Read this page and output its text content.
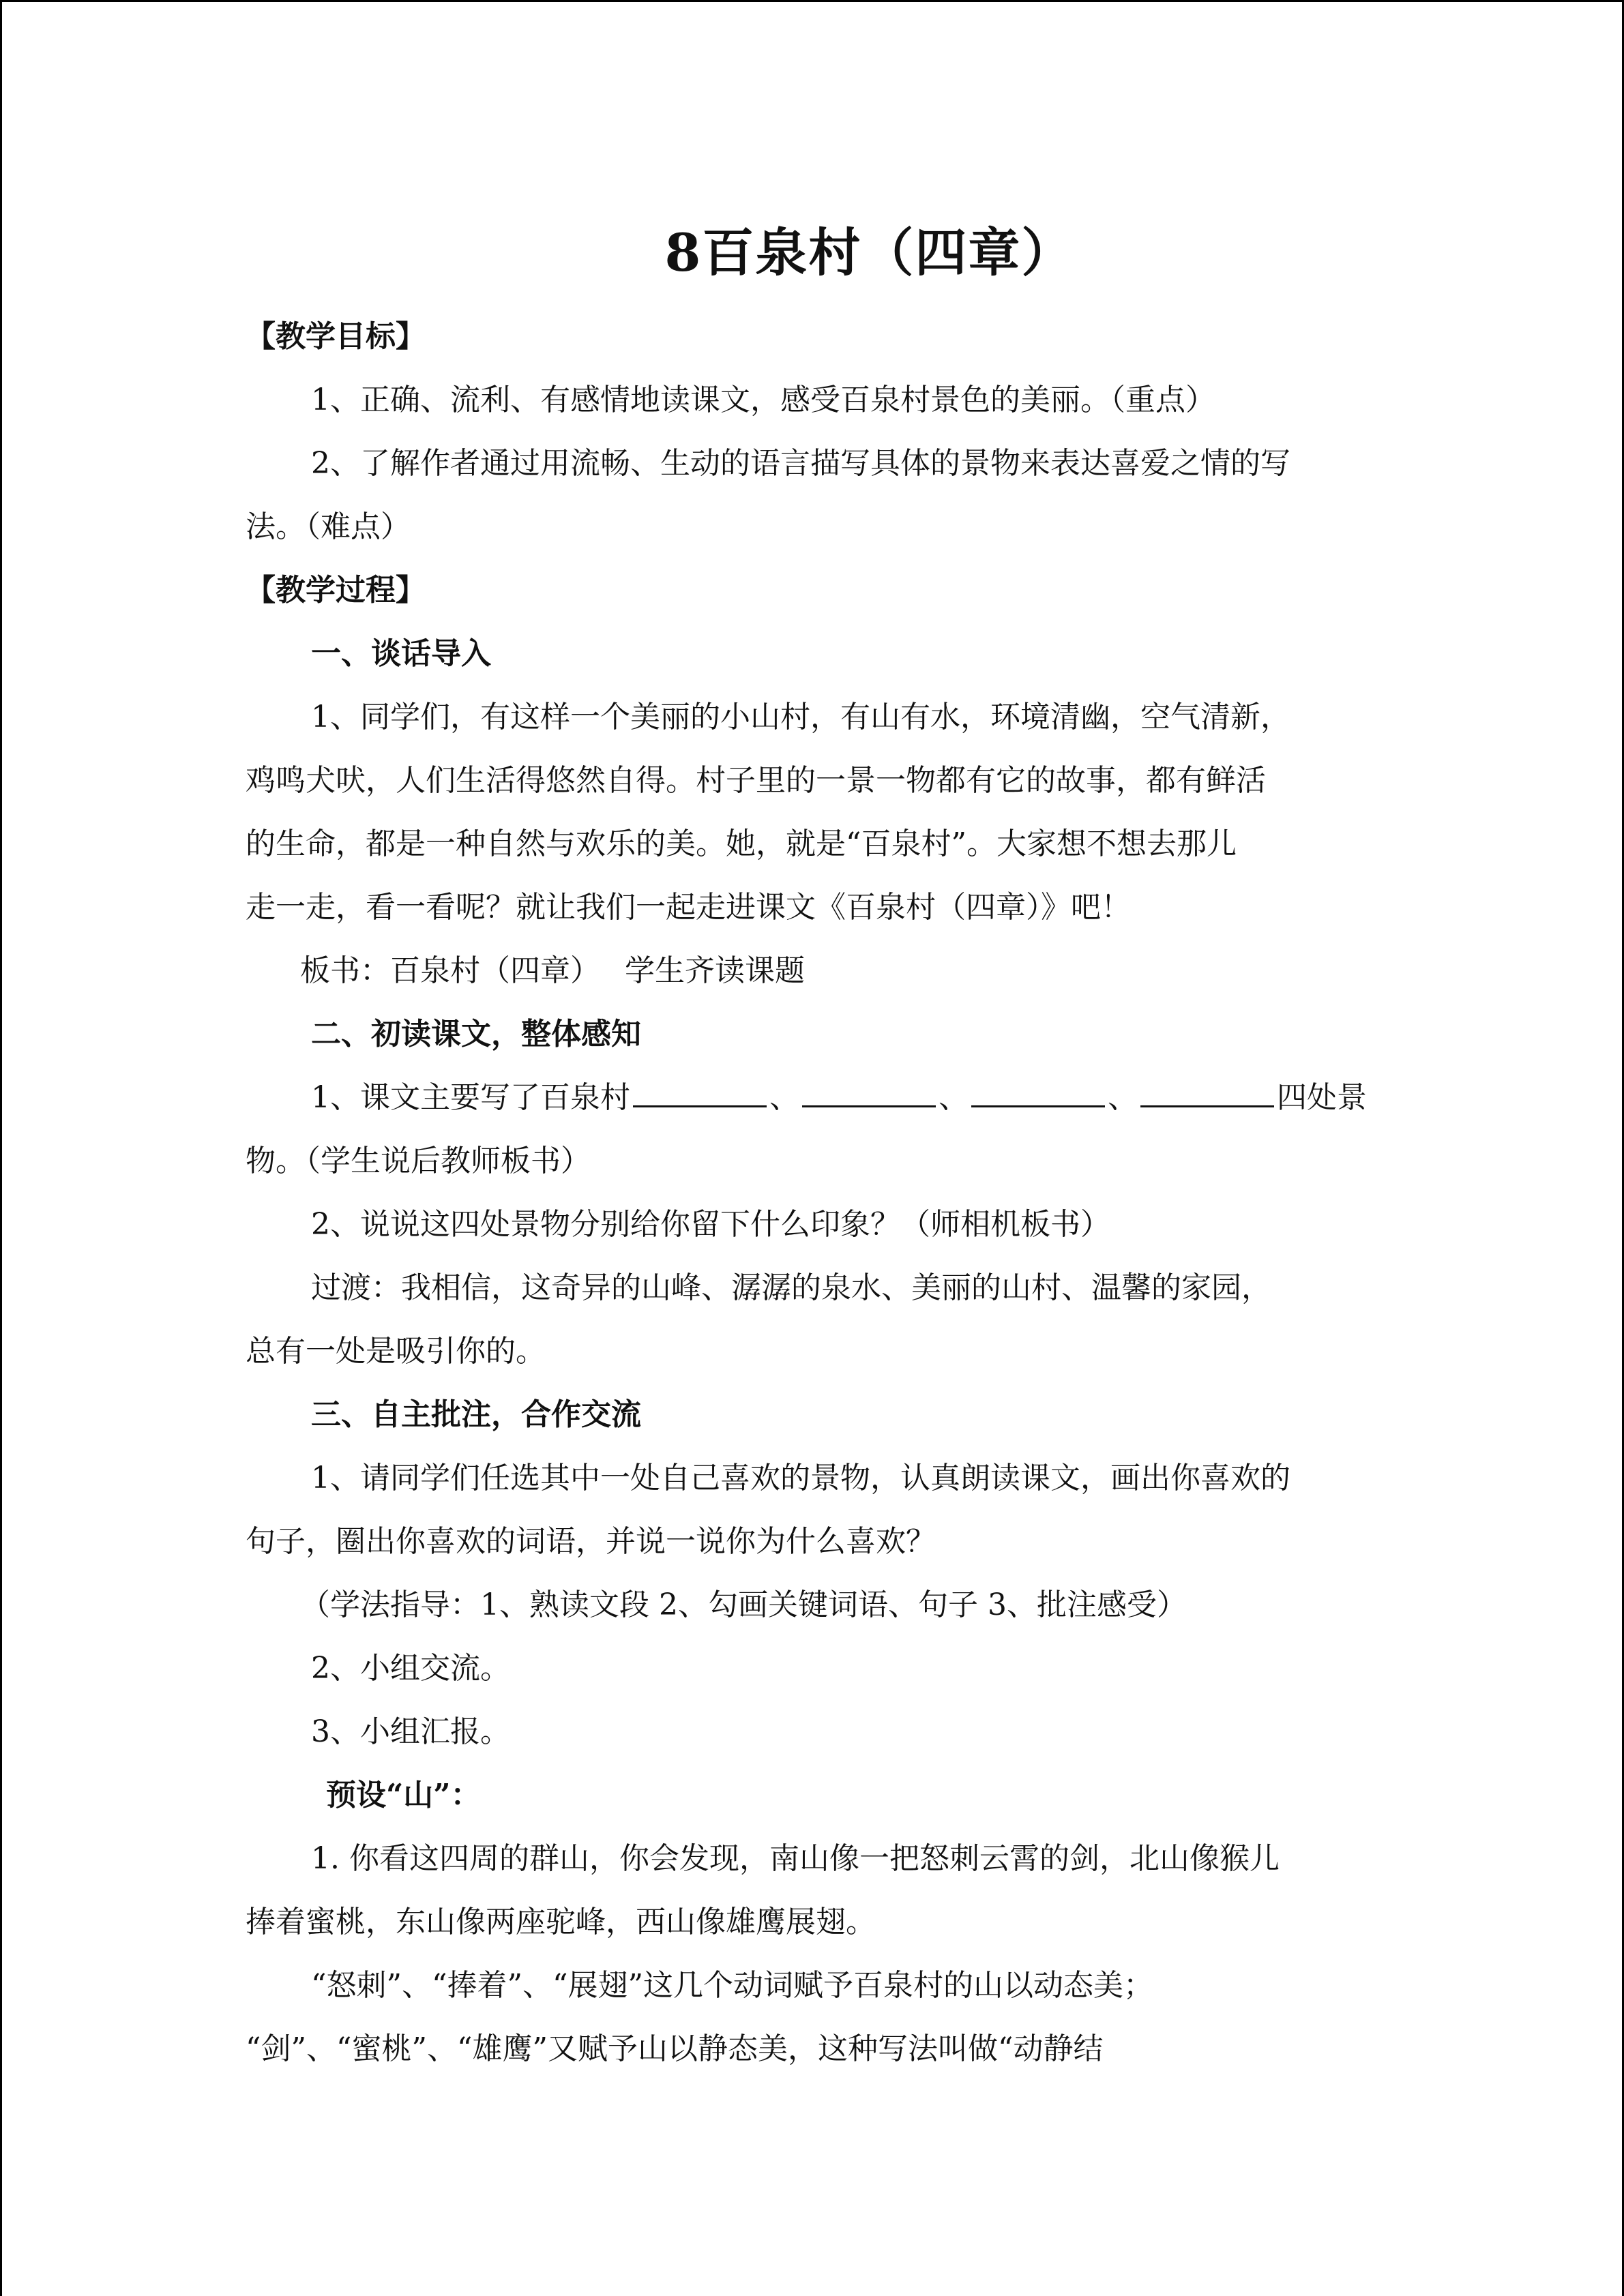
8百泉村（四章）

【教学目标】

1、正确、流利、有感情地读课文，感受百泉村景色的美丽。（重点）

2、了解作者通过用流畅、生动的语言描写具体的景物来表达喜爱之情的写

法。（难点）

【教学过程】

一、谈话导入

1、同学们，有这样一个美丽的小山村，有山有水，环境清幽，空气清新，

鸡鸣犬吠，人们生活得悠然自得。村子里的一景一物都有它的故事，都有鲜活

的生命，都是一种自然与欢乐的美。她，就是“百泉村”。大家想不想去那儿

走一走，看一看呢？就让我们一起走进课文《百泉村（四章）》吧！

板书：百泉村（四章）　 学生齐读课题

二、初读课文，整体感知

1、课文主要写了百泉村	、	、	、	四处景

物。（学生说后教师板书）

2、说说这四处景物分别给你留下什么印象？（师相机板书）

过渡：我相信，这奇异的山峰、潺潺的泉水、美丽的山村、温馨的家园，

总有一处是吸引你的。

三、自主批注，合作交流

1、请同学们任选其中一处自己喜欢的景物，认真朗读课文，画出你喜欢的

句子，圈出你喜欢的词语，并说一说你为什么喜欢？

（学法指导：1、熟读文段 2、勾画关键词语、句子 3、批注感受）

2、小组交流。

3、小组汇报。

预设“山”：

1. 你看这四周的群山，你会发现，南山像一把怒刺云霄的剑，北山像猴儿

捧着蜜桃，东山像两座驼峰，西山像雄鹰展翅。

“怒刺”、“捧着”、“展翅”这几个动词赋予百泉村的山以动态美；

“剑”、“蜜桃”、“雄鹰”又赋予山以静态美，这种写法叫做“动静结
